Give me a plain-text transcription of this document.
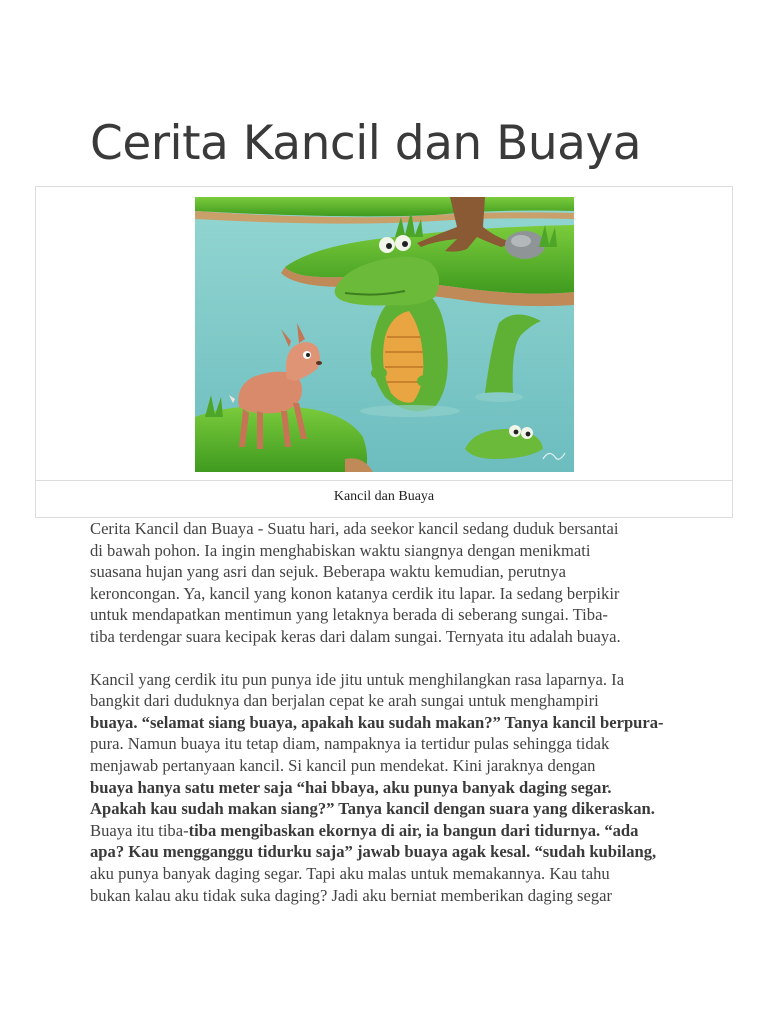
Cerita Kancil dan Buaya
Kancil dan Buaya

Cerita Kancil dan Buaya - Suatu hari, ada seekor kancil sedang duduk bersantai
di bawah pohon. Ia ingin menghabiskan waktu siangnya dengan menikmati
suasana hujan yang asri dan sejuk. Beberapa waktu kemudian, perutnya
keroncongan. Ya, kancil yang konon katanya cerdik itu lapar. Ia sedang berpikir
untuk mendapatkan mentimun yang letaknya berada di seberang sungai. Tiba-
tiba terdengar suara kecipak keras dari dalam sungai. Ternyata itu adalah buaya.

Kancil yang cerdik itu pun punya ide jitu untuk menghilangkan rasa laparnya. Ia
bangkit dari duduknya dan berjalan cepat ke arah sungai untuk menghampiri
buaya. “selamat siang buaya, apakah kau sudah makan?” Tanya kancil berpura-
pura. Namun buaya itu tetap diam, nampaknya ia tertidur pulas sehingga tidak
menjawab pertanyaan kancil. Si kancil pun mendekat. Kini jaraknya dengan
buaya hanya satu meter saja “hai bbaya, aku punya banyak daging segar.
Apakah kau sudah makan siang?” Tanya kancil dengan suara yang dikeraskan.
Buaya itu tiba-tiba mengibaskan ekornya di air, ia bangun dari tidurnya. “ada
apa? Kau mengganggu tidurku saja” jawab buaya agak kesal. “sudah kubilang,
aku punya banyak daging segar. Tapi aku malas untuk memakannya. Kau tahu
bukan kalau aku tidak suka daging? Jadi aku berniat memberikan daging segar
